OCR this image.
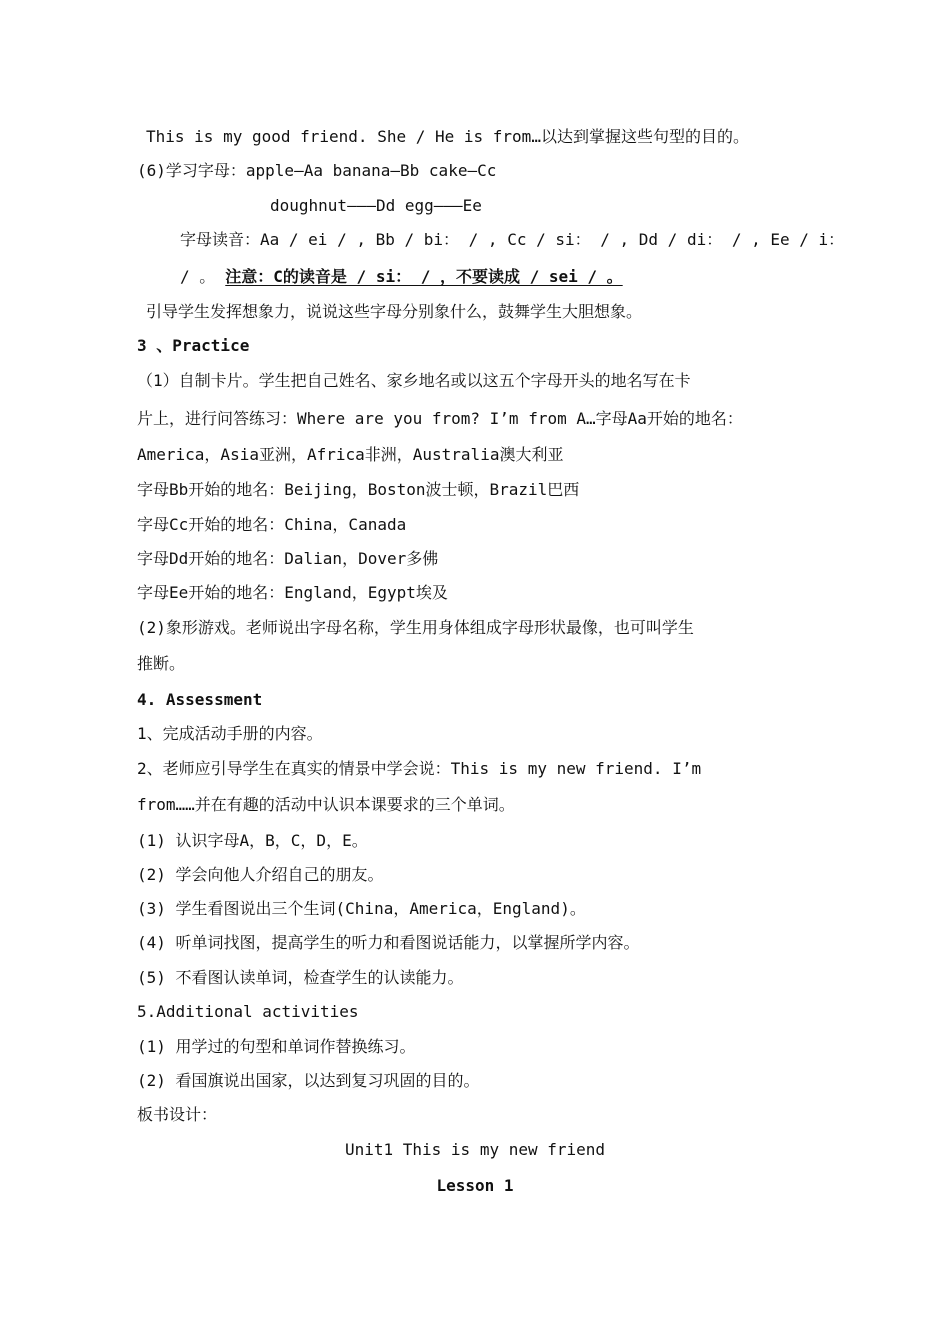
This is my good friend. She / He is from…以达到掌握这些句型的目的。
(6)学习字母：apple—Aa banana—Bb cake—Cc
doughnut———Dd egg———Ee
字母读音：Aa / ei / , Bb / bi： / , Cc / si： / , Dd / di： / , Ee / i：
/ 。 注意：C的读音是 / si： / ，不要读成 / sei / 。
引导学生发挥想象力，说说这些字母分别象什么，鼓舞学生大胆想象。
3 、Practice
（1）自制卡片。学生把自己姓名、家乡地名或以这五个字母开头的地名写在卡
片上，进行问答练习：Where are you from? I’m from A…字母Aa开始的地名：
America，Asia亚洲，Africa非洲，Australia澳大利亚
字母Bb开始的地名：Beijing，Boston波士顿，Brazil巴西
字母Cc开始的地名：China，Canada
字母Dd开始的地名：Dalian，Dover多佛
字母Ee开始的地名：England，Egypt埃及
(2)象形游戏。老师说出字母名称，学生用身体组成字母形状最像，也可叫学生
推断。
4. Assessment
1、完成活动手册的内容。
2、老师应引导学生在真实的情景中学会说：This is my new friend. I’m
from……并在有趣的活动中认识本课要求的三个单词。
(1) 认识字母A，B，C，D，E。
(2) 学会向他人介绍自己的朋友。
(3) 学生看图说出三个生词(China，America，England)。
(4) 听单词找图，提高学生的听力和看图说话能力，以掌握所学内容。
(5) 不看图认读单词，检查学生的认读能力。
5.Additional activities
(1) 用学过的句型和单词作替换练习。
(2) 看国旗说出国家，以达到复习巩固的目的。
板书设计：
Unit1 This is my new friend
Lesson 1
